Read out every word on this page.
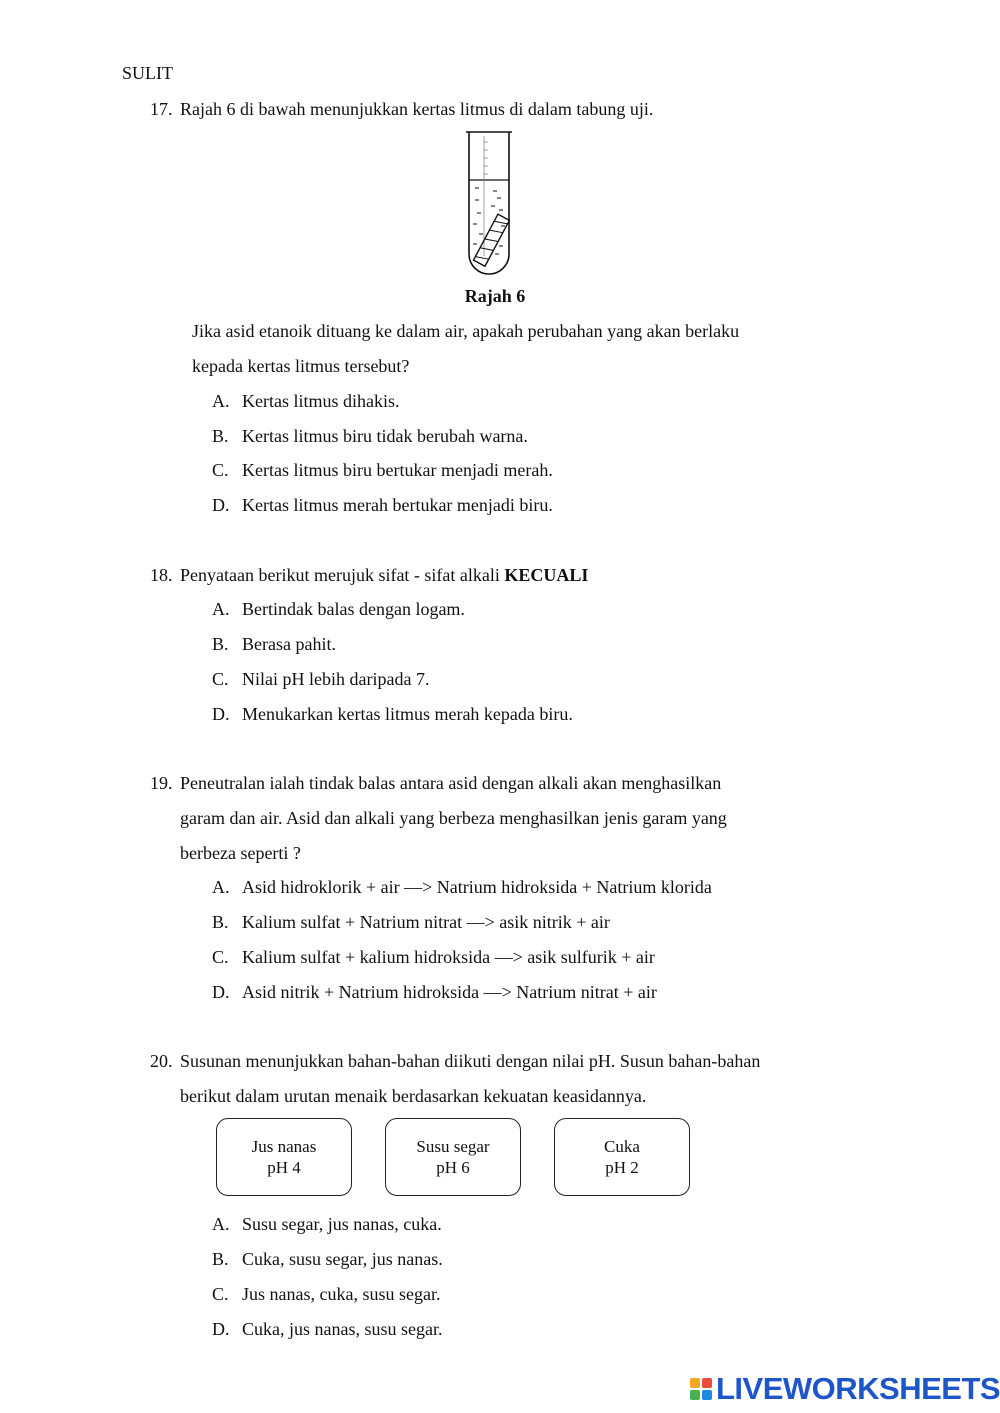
SULIT
17. Rajah 6 di bawah menunjukkan kertas litmus di dalam tabung uji.
Rajah 6
Jika asid etanoik dituang ke dalam air, apakah perubahan yang akan berlaku
kepada kertas litmus tersebut?
A. Kertas litmus dihakis.
B. Kertas litmus biru tidak berubah warna.
C. Kertas litmus biru bertukar menjadi merah.
D. Kertas litmus merah bertukar menjadi biru.
18. Penyataan berikut merujuk sifat - sifat alkali KECUALI
A. Bertindak balas dengan logam.
B. Berasa pahit.
C. Nilai pH lebih daripada 7.
D. Menukarkan kertas litmus merah kepada biru.
19. Peneutralan ialah tindak balas antara asid dengan alkali akan menghasilkan
garam dan air. Asid dan alkali yang berbeza menghasilkan jenis garam yang
berbeza seperti ?
A. Asid hidroklorik + air —> Natrium hidroksida + Natrium klorida
B. Kalium sulfat + Natrium nitrat —> asik nitrik + air
C. Kalium sulfat + kalium hidroksida —> asik sulfurik + air
D. Asid nitrik + Natrium hidroksida —> Natrium nitrat + air
20. Susunan menunjukkan bahan-bahan diikuti dengan nilai pH. Susun bahan-bahan
berikut dalam urutan menaik berdasarkan kekuatan keasidannya.
Jus nanas
pH 4
Susu segar
pH 6
Cuka
pH 2
A. Susu segar, jus nanas, cuka.
B. Cuka, susu segar, jus nanas.
C. Jus nanas, cuka, susu segar.
D. Cuka, jus nanas, susu segar.
LIVEWORKSHEETS
